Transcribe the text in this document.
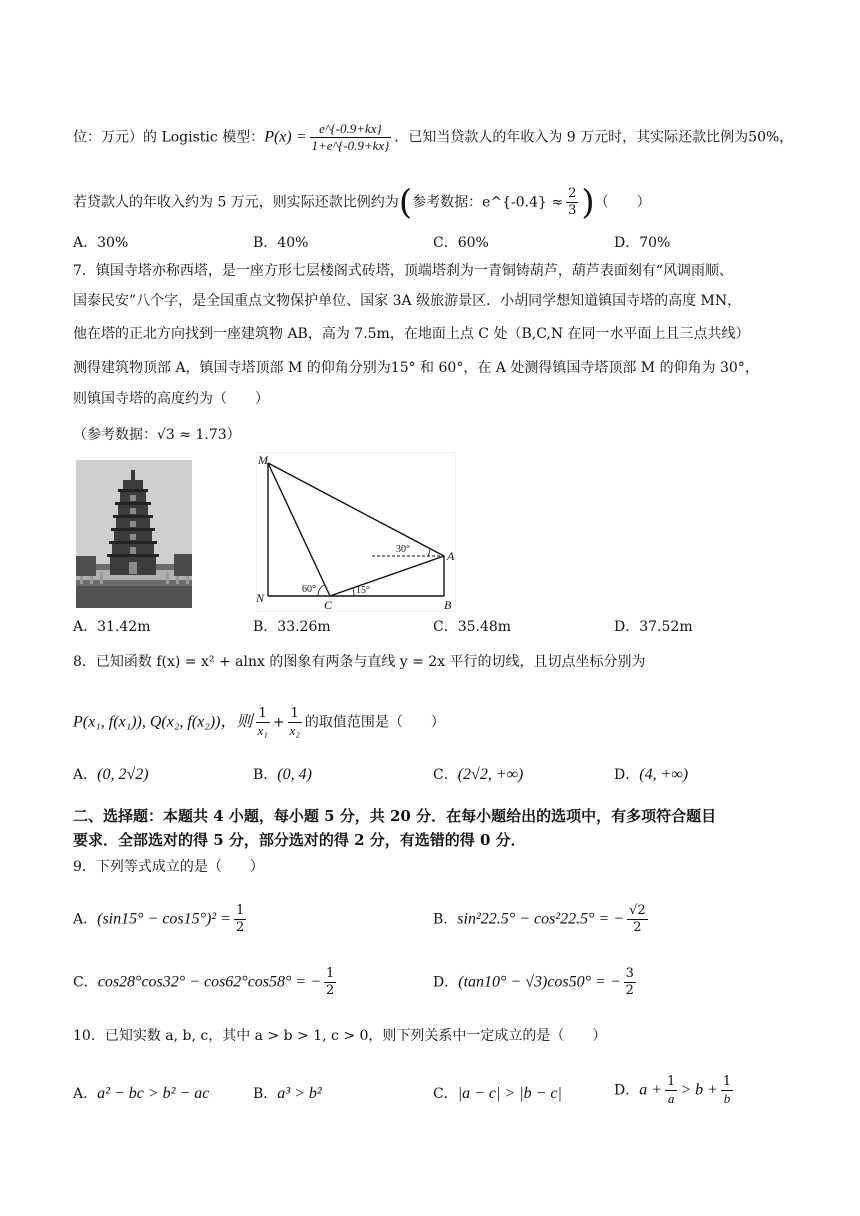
位：万元）的 Logistic 模型：$P(x) = \frac{e\^{}\{-0.9+kx\}}{1+e\^{}\{-0.9+kx\}}$ ．已知当贷款人的年收入为 9 万元时，其实际还款比例为50%，
若贷款人的年收入约为 5 万元，则实际还款比例约为(参考数据：e^{-0.4} ≈ $\frac{2}{3}$ )（　　）
A．30%	B．40%	C．60%	D．70%
7．镇国寺塔亦称西塔，是一座方形七层楼阁式砖塔，顶端塔刹为一青铜铸葫芦，葫芦表面刻有“风调雨顺、
国泰民安”八个字，是全国重点文物保护单位、国家 3A 级旅游景区．小胡同学想知道镇国寺塔的高度 MN，
他在塔的正北方向找到一座建筑物 AB，高为 7.5m，在地面上点 C 处（B,C,N 在同一水平面上且三点共线）
测得建筑物顶部 A，镇国寺塔顶部 M 的仰角分别为15° 和 60°，在 A 处测得镇国寺塔顶部 M 的仰角为 30°，
则镇国寺塔的高度约为（　　）
（参考数据：√3 ≈ 1.73）
M
N	C	B
A
60°	15°
30°
A．31.42m	B．33.26m	C．35.48m	D．37.52m
8．已知函数 f(x) = x² + alnx 的图象有两条与直线 y = 2x 平行的切线，且切点坐标分别为
P(x₁, f(x₁)), Q(x₂, f(x₂))，则 $\frac{1}{\text{x₁}} + \frac{1}{\text{x₂}}$ 的取值范围是（　　）
A．(0, 2√2)	B．(0, 4)	C．(2√2, +∞)	D．(4, +∞)
二、选择题：本题共 4 小题，每小题 5 分，共 20 分．在每小题给出的选项中，有多项符合题目
要求．全部选对的得 5 分，部分选对的得 2 分，有选错的得 0 分．
9．下列等式成立的是（　　）
A．$(\sin 15^\circ - \cos 15^\circ)^2 = \frac{1}{2}$	B．sin²22.5° − cos²22.5° = − $\frac{√2}{2}$
C．cos28°cos32° − cos62°cos58° = − $\frac{1}{2}$	D．(tan10° − √3)cos50° = − $\frac{3}{2}$
10．已知实数 a, b, c，其中 a > b > 1, c > 0，则下列关系中一定成立的是（　　）
A．a² − bc > b² − ac	B．a³ > b²	C．|a − c| > |b − c|	D．$a + \frac{1}{a} > b + \frac{1}{b}$
